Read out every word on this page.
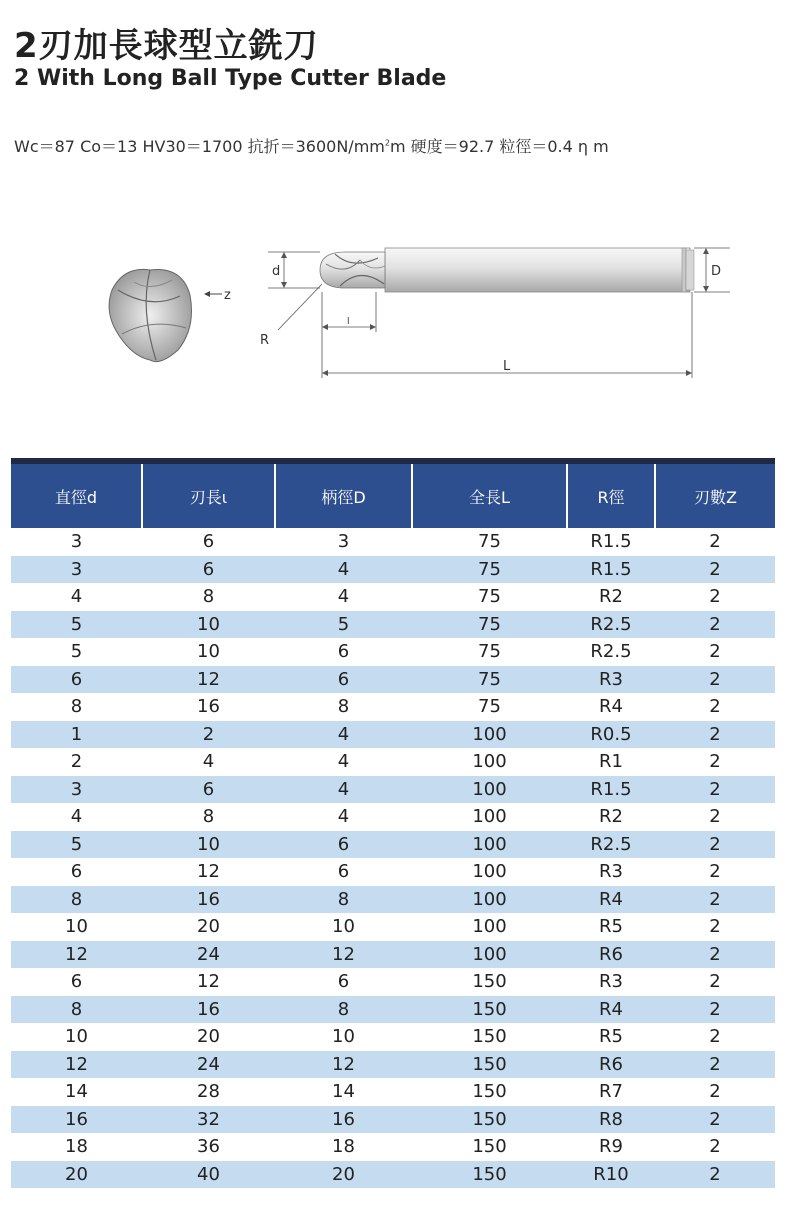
2刃加長球型立銑刀
2 With Long Ball Type Cutter Blade
Wc＝87 Co＝13 HV30＝1700 抗折$=3600N/mm^2m$ 硬度＝92.7 粒徑＝0.4 η m
z
d	D
R
l
L
直徑d	刃長ι	柄徑D	全長L	R徑	刃數Z
3	6	3	75	R1.5	2
3	6	4	75	R1.5	2
4	8	4	75	R2	2
5	10	5	75	R2.5	2
5	10	6	75	R2.5	2
6	12	6	75	R3	2
8	16	8	75	R4	2
1	2	4	100	R0.5	2
2	4	4	100	R1	2
3	6	4	100	R1.5	2
4	8	4	100	R2	2
5	10	6	100	R2.5	2
6	12	6	100	R3	2
8	16	8	100	R4	2
10	20	10	100	R5	2
12	24	12	100	R6	2
6	12	6	150	R3	2
8	16	8	150	R4	2
10	20	10	150	R5	2
12	24	12	150	R6	2
14	28	14	150	R7	2
16	32	16	150	R8	2
18	36	18	150	R9	2
20	40	20	150	R10	2
